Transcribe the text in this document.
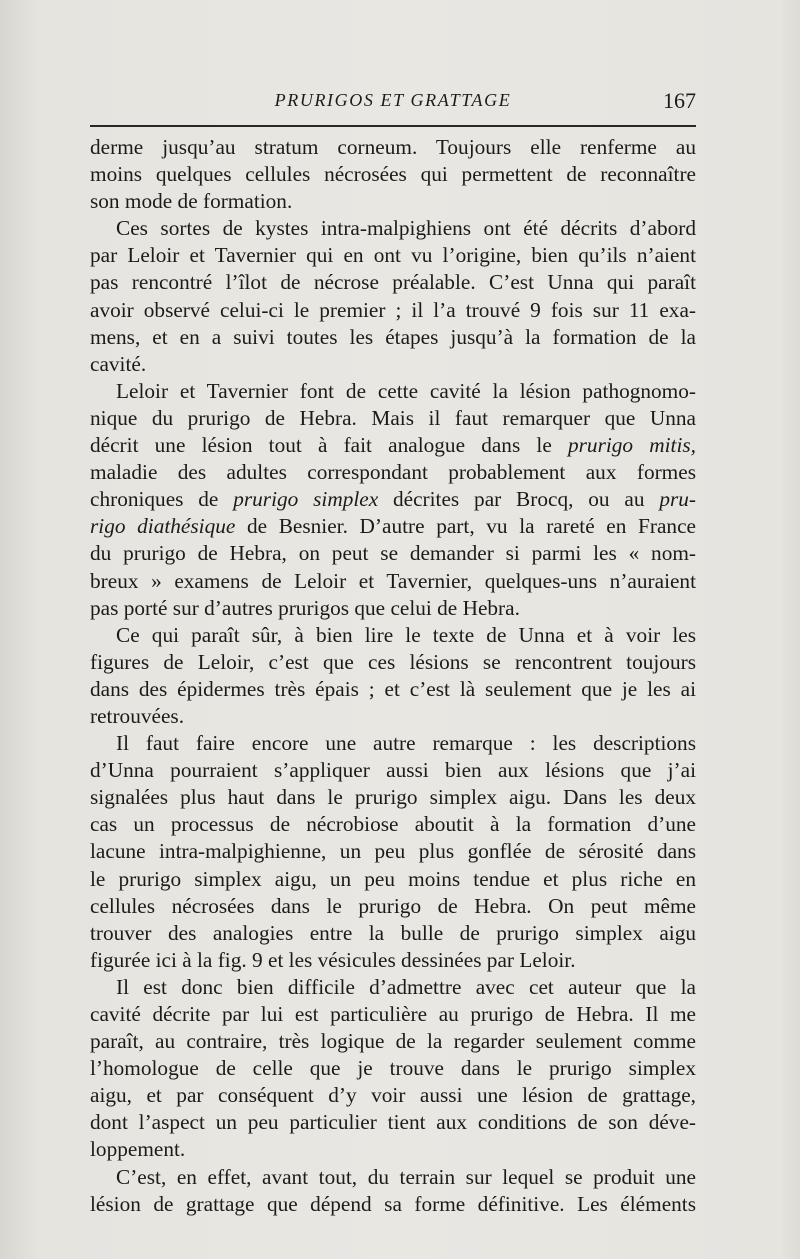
PRURIGOS ET GRATTAGE	167

derme jusqu’au stratum corneum. Toujours elle renferme au
moins quelques cellules nécrosées qui permettent de reconnaître
son mode de formation.

Ces sortes de kystes intra-malpighiens ont été décrits d’abord
par Leloir et Tavernier qui en ont vu l’origine, bien qu’ils n’aient
pas rencontré l’îlot de nécrose préalable. C’est Unna qui paraît
avoir observé celui-ci le premier ; il l’a trouvé 9 fois sur 11 exa-
mens, et en a suivi toutes les étapes jusqu’à la formation de la
cavité.

Leloir et Tavernier font de cette cavité la lésion pathognomo-
nique du prurigo de Hebra. Mais il faut remarquer que Unna
décrit une lésion tout à fait analogue dans le prurigo mitis,
maladie des adultes correspondant probablement aux formes
chroniques de prurigo simplex décrites par Brocq, ou au pru-
rigo diathésique de Besnier. D’autre part, vu la rareté en France
du prurigo de Hebra, on peut se demander si parmi les « nom-
breux » examens de Leloir et Tavernier, quelques-uns n’auraient
pas porté sur d’autres prurigos que celui de Hebra.

Ce qui paraît sûr, à bien lire le texte de Unna et à voir les
figures de Leloir, c’est que ces lésions se rencontrent toujours
dans des épidermes très épais ; et c’est là seulement que je les ai
retrouvées.

Il faut faire encore une autre remarque : les descriptions
d’Unna pourraient s’appliquer aussi bien aux lésions que j’ai
signalées plus haut dans le prurigo simplex aigu. Dans les deux
cas un processus de nécrobiose aboutit à la formation d’une
lacune intra-malpighienne, un peu plus gonflée de sérosité dans
le prurigo simplex aigu, un peu moins tendue et plus riche en
cellules nécrosées dans le prurigo de Hebra. On peut même
trouver des analogies entre la bulle de prurigo simplex aigu
figurée ici à la fig. 9 et les vésicules dessinées par Leloir.

Il est donc bien difficile d’admettre avec cet auteur que la
cavité décrite par lui est particulière au prurigo de Hebra. Il me
paraît, au contraire, très logique de la regarder seulement comme
l’homologue de celle que je trouve dans le prurigo simplex
aigu, et par conséquent d’y voir aussi une lésion de grattage,
dont l’aspect un peu particulier tient aux conditions de son déve-
loppement.

C’est, en effet, avant tout, du terrain sur lequel se produit une
lésion de grattage que dépend sa forme définitive. Les éléments
